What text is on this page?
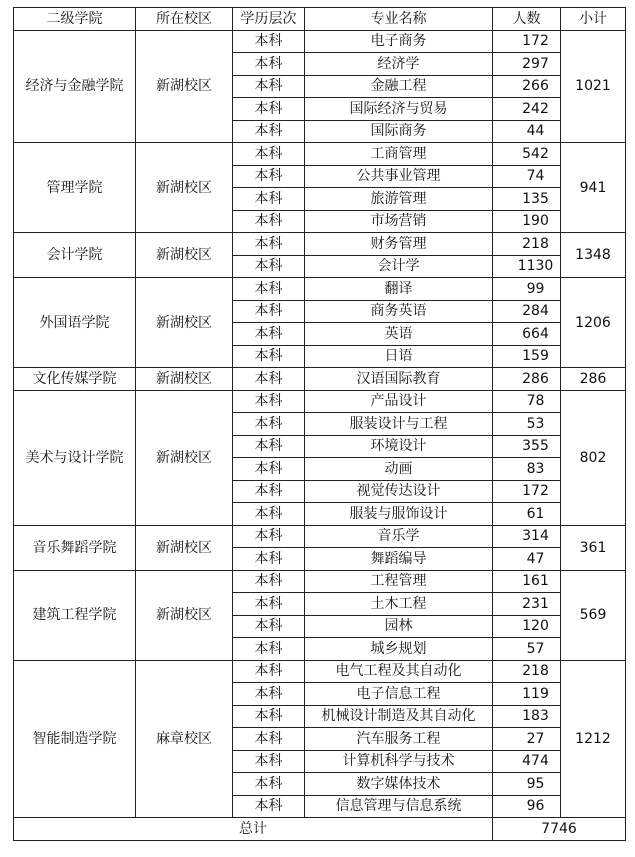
二级学院	所在校区	学历层次	专业名称	人数	小计
经济与金融学院	新湖校区	本科	电子商务	172	1021
		本科	经济学	297	
		本科	金融工程	266	
		本科	国际经济与贸易	242	
		本科	国际商务	44	
管理学院	新湖校区	本科	工商管理	542	941
		本科	公共事业管理	74	
		本科	旅游管理	135	
		本科	市场营销	190	
会计学院	新湖校区	本科	财务管理	218	1348
		本科	会计学	1130	
外国语学院	新湖校区	本科	翻译	99	1206
		本科	商务英语	284	
		本科	英语	664	
		本科	日语	159	
文化传媒学院	新湖校区	本科	汉语国际教育	286	286
美术与设计学院	新湖校区	本科	产品设计	78	802
		本科	服装设计与工程	53	
		本科	环境设计	355	
		本科	动画	83	
		本科	视觉传达设计	172	
		本科	服装与服饰设计	61	
音乐舞蹈学院	新湖校区	本科	音乐学	314	361
		本科	舞蹈编导	47	
建筑工程学院	新湖校区	本科	工程管理	161	569
		本科	土木工程	231	
		本科	园林	120	
		本科	城乡规划	57	
智能制造学院	麻章校区	本科	电气工程及其自动化	218	1212
		本科	电子信息工程	119	
		本科	机械设计制造及其自动化	183	
		本科	汽车服务工程	27	
		本科	计算机科学与技术	474	
		本科	数字媒体技术	95	
		本科	信息管理与信息系统	96	
总计				7746	
